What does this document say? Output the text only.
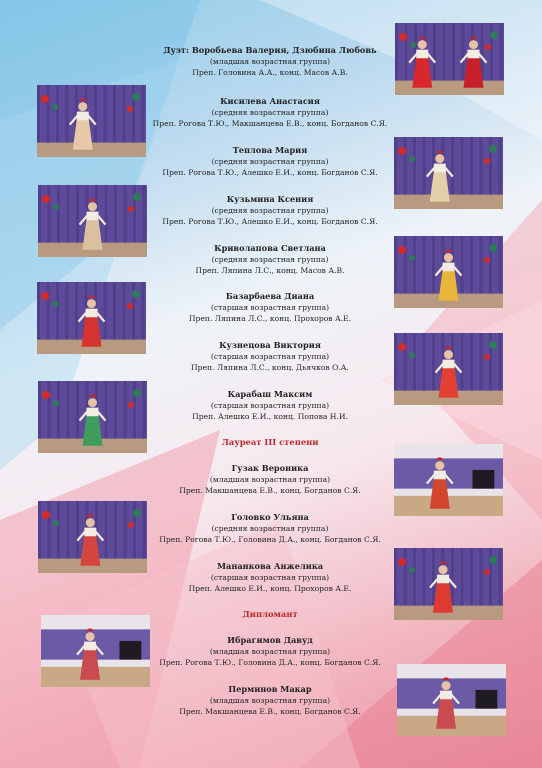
Дуэт: Воробьева Валерия, Дзюбина Любовь
(младшая возрастная группа)
Преп. Головина А.А., конц. Масов А.В.
Кисилева Анастасия
(средняя возрастная группа)
Преп. Рогова Т.Ю., Макшанцева Е.В., конц. Богданов С.Я.
Теплова Мария
(средняя возрастная группа)
Преп. Рогова Т.Ю., Алешко Е.И., конц. Богданов С.Я.
Кузьмина Ксения
(средняя возрастная группа)
Преп. Рогова Т.Ю., Алешко Е.И., конц. Богданов С.Я.
Криволапова Светлана
(средняя возрастная группа)
Преп. Ляпина Л.С., конц. Масов А.В.
Базарбаева Диана
(старшая возрастная группа)
Преп. Ляпина Л.С., конц. Прохоров А.Е.
Кузнецова Виктория
(старшая возрастная группа)
Преп. Ляпина Л.С., конц. Дьячков О.А.
Карабаш Максим
(старшая возрастная группа)
Преп. Алешко Е.И., конц. Попова Н.И.
Лауреат III степени
Гузак Вероника
(младшая возрастная группа)
Преп. Макшанцева Е.В., конц. Богданов С.Я.
Головко Ульяна
(средняя возрастная группа)
Преп. Рогова Т.Ю., Головина Д.А., конц. Богданов С.Я.
Мананкова Анжелика
(старшая возрастная группа)
Преп. Алешко Е.И., конц. Прохоров А.Е.
Дипломант
Ибрагимов Давуд
(младшая возрастная группа)
Преп. Рогова Т.Ю., Головина Д.А., конц. Богданов С.Я.
Перминов Макар
(младшая возрастная группа)
Преп. Макшанцева Е.В., конц. Богданов С.Я.
